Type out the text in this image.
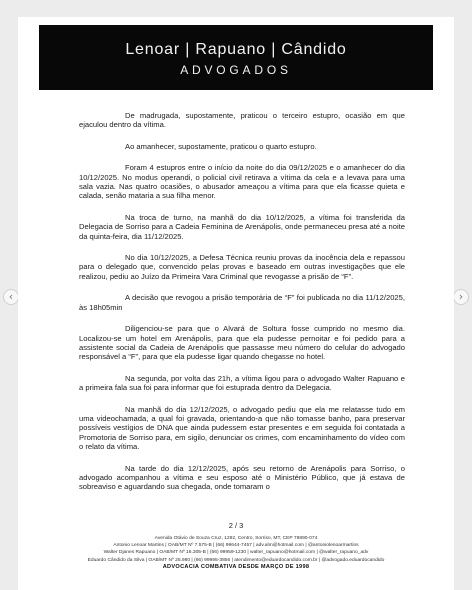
‹	›
Lenoar | Rapuano | Cândido
ADVOGADOS

De madrugada, supostamente, praticou o terceiro estupro, ocasião em que ejaculou dentro da vítima.

Ao amanhecer, supostamente, praticou o quarto estupro.

Foram 4 estupros entre o início da noite do dia 09/12/2025 e o amanhecer do dia 10/12/2025. No modus operandi, o policial civil retirava a vítima da cela e a levava para uma sala vazia. Nas quatro ocasiões, o abusador ameaçou a vítima para que ela ficasse quieta e calada, senão mataria a sua filha menor.

Na troca de turno, na manhã do dia 10/12/2025, a vítima foi transferida da Delegacia de Sorriso para a Cadeia Feminina de Arenápolis, onde permaneceu presa até a noite da quinta-feira, dia 11/12/2025.

No dia 10/12/2025, a Defesa Técnica reuniu provas da inocência dela e repassou para o delegado que, convencido pelas provas e baseado em outras investigações que ele realizou, pediu ao Juízo da Primeira Vara Criminal que revogasse a prisão de “F”.

A decisão que revogou a prisão temporária de “F” foi publicada no dia 11/12/2025, às 18h05min

Diligenciou-se para que o Alvará de Soltura fosse cumprido no mesmo dia. Localizou-se um hotel em Arenápolis, para que ela pudesse pernoitar e foi pedido para a assistente social da Cadeia de Arenápolis que passasse meu número do celular do advogado responsável a “F”, para que ela pudesse ligar quando chegasse no hotel.

Na segunda, por volta das 21h, a vítima ligou para o advogado Walter Rapuano e a primeira fala sua foi para informar que foi estuprada dentro da Delegacia.

Na manhã do dia 12/12/2025, o advogado pediu que ela me relatasse tudo em uma videochamada, a qual foi gravada, orientando-a que não tomasse banho, para preservar possíveis vestígios de DNA que ainda pudessem estar presentes e em seguida foi contatada a Promotoria de Sorriso para, em sigilo, denunciar os crimes, com encaminhamento do vídeo com o relato da vítima.

Na tarde do dia 12/12/2025, após seu retorno de Arenápolis para Sorriso, o advogado acompanhou a vítima e seu esposo até o Ministério Público, que já estava de sobreaviso e aguardando sua chegada, onde tomaram o

2 / 3
Avenida Otávio de Souza Cruz, 1292, Centro, Sorriso, MT, CEP 78890-074
Antonio Lenoar Martins | OAB/MT Nº 7.575-B | (66) 99644-7457 | adv.alm@hotmail.com | @antoniolenoarmartins
Walter Djanes Rapuano | OAB/MT Nº 16.305-B | (66) 99959-1230 | walter_rapuano@hotmail.com | @walter_rapuano_adv
Eduardo Cândido da Silva | OAB/MT Nº 25.980 | (66) 99995-3856 | atendimento@eduardocandido.com.br | @advogado.eduardocandido
ADVOCACIA COMBATIVA DESDE MARÇO DE 1998
